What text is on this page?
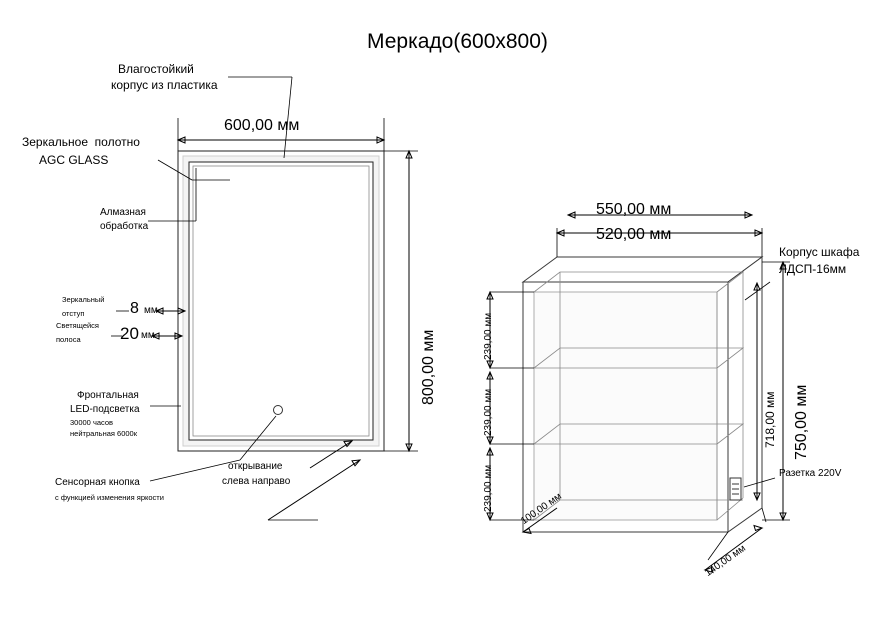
Меркадо(600x800)
Влагостойкий
корпус из пластика
Зеркальное  полотно
AGC GLASS
Алмазная
обработка
Зеркальный
отступ	8 мм
Светящейся
полоса 20 мм
Фронтальная
LED-подсветка
30000 часов
нейтральная 6000к
Сенсорная кнопка
с функцией изменения яркости
открывание
слева направо
600,00 мм
800,00 мм
550,00 мм
520,00 мм
718,00 мм 750,00 мм
239,00 мм
239,00 мм
239,00 мм	100,00 мм
140,00 мм
Корпус шкафа
ЛДСП-16мм
Разетка 220V
